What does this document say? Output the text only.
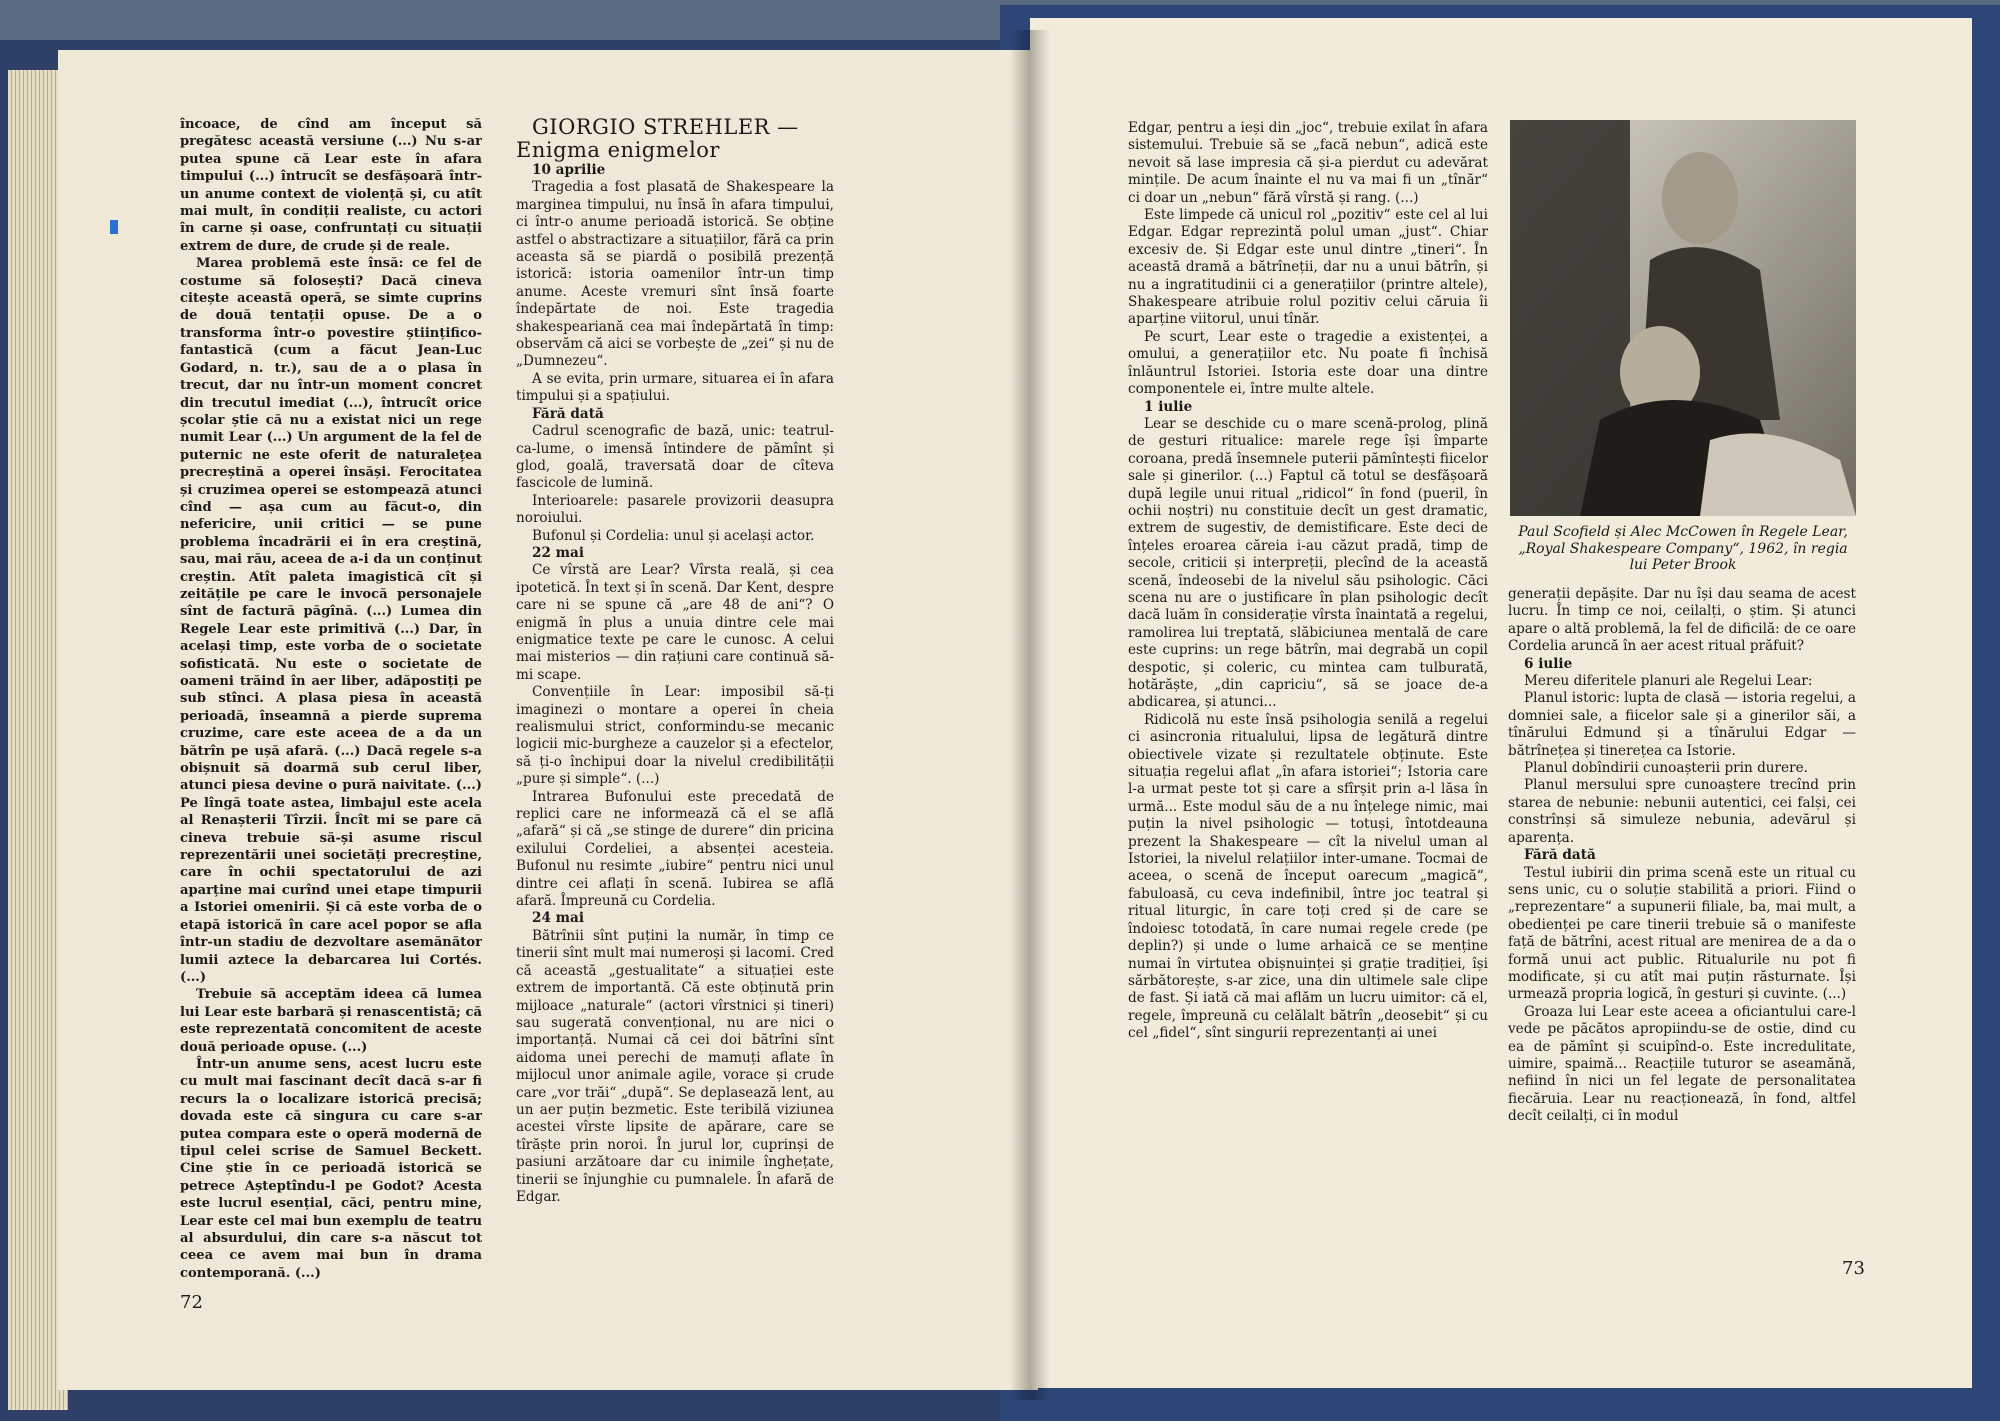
încoace, de cînd am început să pregătesc această versiune (...) Nu s-ar putea spune că Lear este în afara timpului (...) întrucît se desfășoară într-un anume context de violență și, cu atît mai mult, în condiții realiste, cu actori în carne și oase, confruntați cu situații extrem de dure, de crude și de reale.

Marea problemă este însă: ce fel de costume să folosești? Dacă cineva citește această operă, se simte cuprins de două tentații opuse. De a o transforma într-o povestire științifico-fantastică (cum a făcut Jean-Luc Godard, n. tr.), sau de a o plasa în trecut, dar nu într-un moment concret din trecutul imediat (...), întrucît orice școlar știe că nu a existat nici un rege numit Lear (...) Un argument de la fel de puternic ne este oferit de naturalețea precreștină a operei însăși. Ferocitatea și cruzimea operei se estompează atunci cînd — așa cum au făcut-o, din nefericire, unii critici — se pune problema încadrării ei în era creștină, sau, mai rău, aceea de a-i da un conținut creștin. Atît paleta imagistică cît și zeitățile pe care le invocă personajele sînt de factură păgînă. (...) Lumea din Regele Lear este primitivă (...) Dar, în același timp, este vorba de o societate sofisticată. Nu este o societate de oameni trăind în aer liber, adăpostiți pe sub stînci. A plasa piesa în această perioadă, înseamnă a pierde suprema cruzime, care este aceea de a da un bătrîn pe ușă afară. (...) Dacă regele s-a obișnuit să doarmă sub cerul liber, atunci piesa devine o pură naivitate. (...) Pe lîngă toate astea, limbajul este acela al Renașterii Tîrzii. Încît mi se pare că cineva trebuie să-și asume riscul reprezentării unei societăți precreștine, care în ochii spectatorului de azi aparține mai curînd unei etape timpurii a Istoriei omenirii. Și că este vorba de o etapă istorică în care acel popor se afla într-un stadiu de dezvoltare asemănător lumii aztece la debarcarea lui Cortés. (...)

Trebuie să acceptăm ideea că lumea lui Lear este barbară și renascentistă; că este reprezentată concomitent de aceste două perioade opuse. (...)

Într-un anume sens, acest lucru este cu mult mai fascinant decît dacă s-ar fi recurs la o localizare istorică precisă; dovada este că singura cu care s-ar putea compara este o operă modernă de tipul celei scrise de Samuel Beckett. Cine știe în ce perioadă istorică se petrece Așteptîndu-l pe Godot? Acesta este lucrul esențial, căci, pentru mine, Lear este cel mai bun exemplu de teatru al absurdului, din care s-a născut tot ceea ce avem mai bun în drama contemporană. (...)

GIORGIO STREHLER — Enigma enigmelor

10 aprilie

Tragedia a fost plasată de Shakespeare la marginea timpului, nu însă în afara timpului, ci într-o anume perioadă istorică. Se obține astfel o abstractizare a situațiilor, fără ca prin aceasta să se piardă o posibilă prezență istorică: istoria oamenilor într-un timp anume. Aceste vremuri sînt însă foarte îndepărtate de noi. Este tragedia shakespeariană cea mai îndepărtată în timp: observăm că aici se vorbește de „zei“ și nu de „Dumnezeu“.

A se evita, prin urmare, situarea ei în afara timpului și a spațiului.

Fără dată

Cadrul scenografic de bază, unic: teatrul-ca-lume, o imensă întindere de pămînt și glod, goală, traversată doar de cîteva fascicole de lumină.

Interioarele: pasarele provizorii deasupra noroiului.

Bufonul și Cordelia: unul și același actor.

22 mai

Ce vîrstă are Lear? Vîrsta reală, și cea ipotetică. În text și în scenă. Dar Kent, despre care ni se spune că „are 48 de ani“? O enigmă în plus a unuia dintre cele mai enigmatice texte pe care le cunosc. A celui mai misterios — din rațiuni care continuă să-mi scape.

Convențiile în Lear: imposibil să-ți imaginezi o montare a operei în cheia realismului strict, conformindu-se mecanic logicii mic-burgheze a cauzelor și a efectelor, să ți-o închipui doar la nivelul credibilității „pure și simple“. (...)

Intrarea Bufonului este precedată de replici care ne informează că el se află „afară“ și că „se stinge de durere“ din pricina exilului Cordeliei, a absenței acesteia. Bufonul nu resimte „iubire“ pentru nici unul dintre cei aflați în scenă. Iubirea se află afară. Împreună cu Cordelia.

24 mai

Bătrînii sînt puțini la număr, în timp ce tinerii sînt mult mai numeroși și lacomi. Cred că această „gestualitate“ a situației este extrem de importantă. Că este obținută prin mijloace „naturale“ (actori vîrstnici și tineri) sau sugerată convențional, nu are nici o importanță. Numai că cei doi bătrîni sînt aidoma unei perechi de mamuți aflate în mijlocul unor animale agile, vorace și crude care „vor trăi“ „după“. Se deplasează lent, au un aer puțin bezmetic. Este teribilă viziunea acestei vîrste lipsite de apărare, care se tîrăște prin noroi. În jurul lor, cuprinși de pasiuni arzătoare dar cu inimile înghețate, tinerii se înjunghie cu pumnalele. În afară de Edgar.

72

Edgar, pentru a ieși din „joc“, trebuie exilat în afara sistemului. Trebuie să se „facă nebun“, adică este nevoit să lase impresia că și-a pierdut cu adevărat mințile. De acum înainte el nu va mai fi un „tînăr“ ci doar un „nebun“ fără vîrstă și rang. (...)

Este limpede că unicul rol „pozitiv“ este cel al lui Edgar. Edgar reprezintă polul uman „just“. Chiar excesiv de. Și Edgar este unul dintre „tineri“. În această dramă a bătrîneții, dar nu a unui bătrîn, și nu a ingratitudinii ci a generațiilor (printre altele), Shakespeare atribuie rolul pozitiv celui căruia îi aparține viitorul, unui tînăr.

Pe scurt, Lear este o tragedie a existenței, a omului, a generațiilor etc. Nu poate fi închisă înlăuntrul Istoriei. Istoria este doar una dintre componentele ei, între multe altele.

1 iulie

Lear se deschide cu o mare scenă-prolog, plină de gesturi ritualice: marele rege își împarte coroana, predă însemnele puterii pămîntești fiicelor sale și ginerilor. (...) Faptul că totul se desfășoară după legile unui ritual „ridicol“ în fond (pueril, în ochii noștri) nu constituie decît un gest dramatic, extrem de sugestiv, de demistificare. Este deci de înțeles eroarea căreia i-au căzut pradă, timp de secole, criticii și interpreții, plecînd de la această scenă, îndeosebi de la nivelul său psihologic. Căci scena nu are o justificare în plan psihologic decît dacă luăm în considerație vîrsta înaintată a regelui, ramolirea lui treptată, slăbiciunea mentală de care este cuprins: un rege bătrîn, mai degrabă un copil despotic, și coleric, cu mintea cam tulburată, hotărăște, „din capriciu“, să se joace de-a abdicarea, și atunci...

Ridicolă nu este însă psihologia senilă a regelui ci asincronia ritualului, lipsa de legătură dintre obiectivele vizate și rezultatele obținute. Este situația regelui aflat „în afara istoriei“; Istoria care l-a urmat peste tot și care a sfîrșit prin a-l lăsa în urmă... Este modul său de a nu înțelege nimic, mai puțin la nivel psihologic — totuși, întotdeauna prezent la Shakespeare — cît la nivelul uman al Istoriei, la nivelul relațiilor inter-umane. Tocmai de aceea, o scenă de început oarecum „magică“, fabuloasă, cu ceva indefinibil, între joc teatral și ritual liturgic, în care toți cred și de care se îndoiesc totodată, în care numai regele crede (pe deplin?) și unde o lume arhaică ce se menține numai în virtutea obișnuinței și grație tradiției, își sărbătorește, s-ar zice, una din ultimele sale clipe de fast. Și iată că mai aflăm un lucru uimitor: că el, regele, împreună cu celălalt bătrîn „deosebit“ și cu cel „fidel“, sînt singurii reprezentanți ai unei

Paul Scofield și Alec McCowen în Regele Lear, „Royal Shakespeare Company“, 1962, în regia lui Peter Brook

generații depășite. Dar nu își dau seama de acest lucru. În timp ce noi, ceilalți, o știm. Și atunci apare o altă problemă, la fel de dificilă: de ce oare Cordelia aruncă în aer acest ritual prăfuit?

6 iulie

Mereu diferitele planuri ale Regelui Lear:

Planul istoric: lupta de clasă — istoria regelui, a domniei sale, a fiicelor sale și a ginerilor săi, a tînărului Edmund și a tînărului Edgar — bătrînețea și tinerețea ca Istorie.

Planul dobîndirii cunoașterii prin durere.

Planul mersului spre cunoaștere trecînd prin starea de nebunie: nebunii autentici, cei falși, cei constrînși să simuleze nebunia, adevărul și aparența.

Fără dată

Testul iubirii din prima scenă este un ritual cu sens unic, cu o soluție stabilită a priori. Fiind o „reprezentare“ a supunerii filiale, ba, mai mult, a obedienței pe care tinerii trebuie să o manifeste față de bătrîni, acest ritual are menirea de a da o formă unui act public. Ritualurile nu pot fi modificate, și cu atît mai puțin răsturnate. Își urmează propria logică, în gesturi și cuvinte. (...)

Groaza lui Lear este aceea a oficiantului care-l vede pe păcătos apropiindu-se de ostie, dind cu ea de pămînt și scuipînd-o. Este incredulitate, uimire, spaimă... Reacțiile tuturor se aseamănă, nefiind în nici un fel legate de personalitatea fiecăruia. Lear nu reacționează, în fond, altfel decît ceilalți, ci în modul

73
